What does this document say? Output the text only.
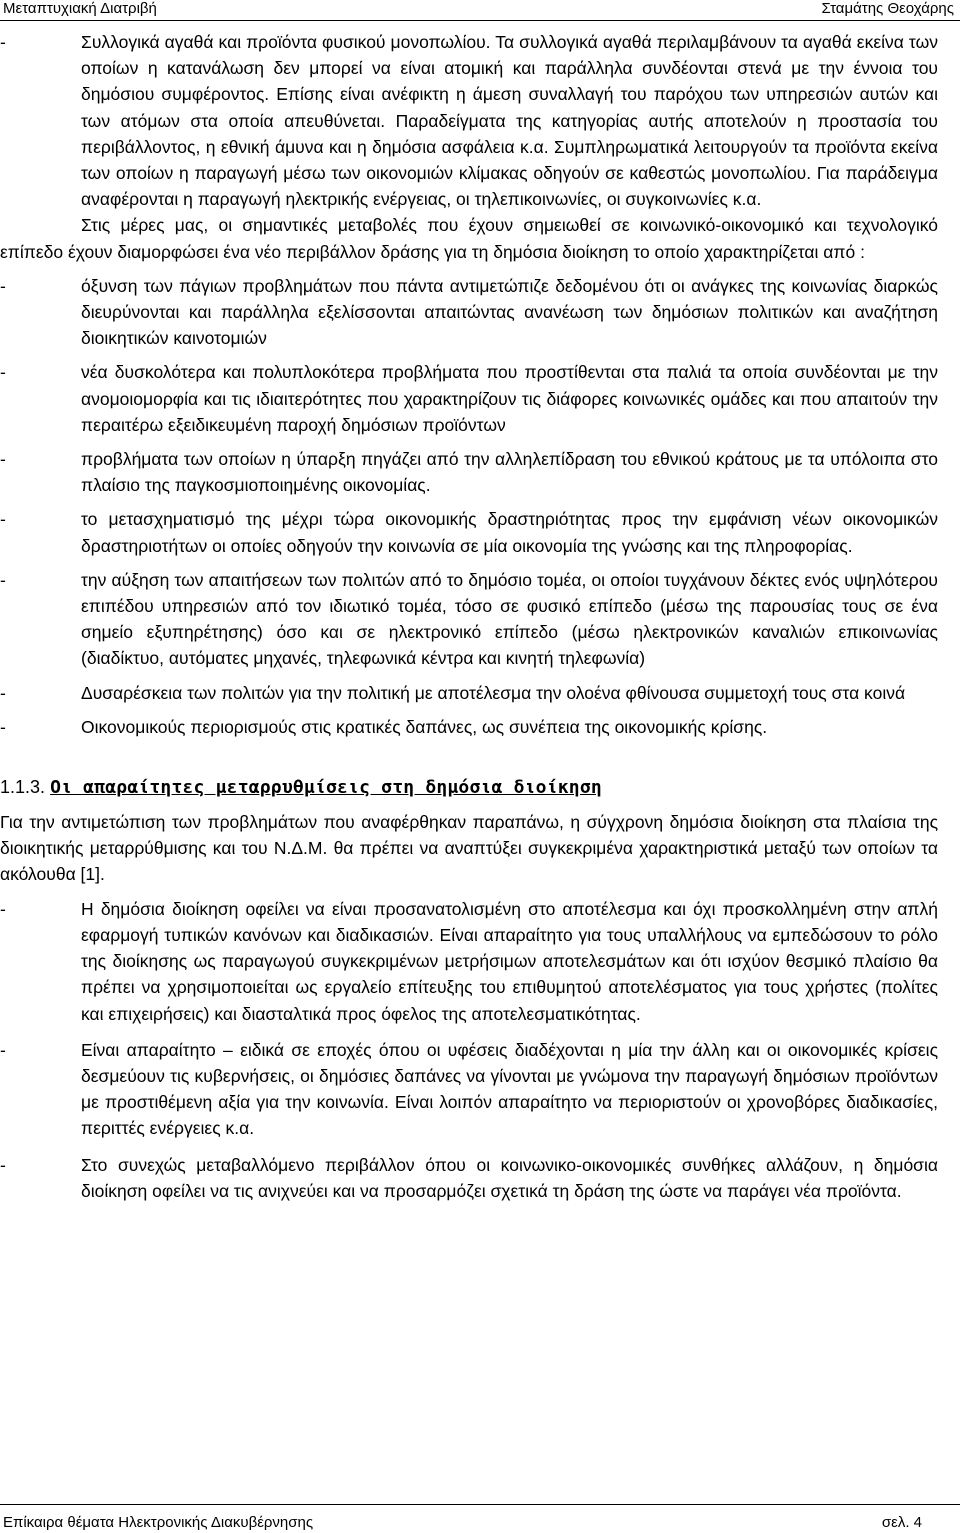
Μεταπτυχιακή Διατριβή	Σταμάτης Θεοχάρης
-	Συλλογικά αγαθά και προϊόντα φυσικού μονοπωλίου. Τα συλλογικά αγαθά περιλαμβάνουν τα αγαθά εκείνα των οποίων η κατανάλωση δεν μπορεί να είναι ατομική και παράλληλα συνδέονται στενά με την έννοια του δημόσιου συμφέροντος. Επίσης είναι ανέφικτη η άμεση συναλλαγή του παρόχου των υπηρεσιών αυτών και των ατόμων στα οποία απευθύνεται. Παραδείγματα της κατηγορίας αυτής αποτελούν η προστασία του περιβάλλοντος, η εθνική άμυνα και η δημόσια ασφάλεια κ.α. Συμπληρωματικά λειτουργούν τα προϊόντα εκείνα των οποίων η παραγωγή μέσω των οικονομιών κλίμακας οδηγούν σε καθεστώς μονοπωλίου. Για παράδειγμα αναφέρονται η παραγωγή ηλεκτρικής ενέργειας, οι τηλεπικοινωνίες, οι συγκοινωνίες κ.α.

Στις μέρες μας, οι σημαντικές μεταβολές που έχουν σημειωθεί σε κοινωνικό-οικονομικό και τεχνολογικό επίπεδο έχουν διαμορφώσει ένα νέο περιβάλλον δράσης για τη δημόσια διοίκηση το οποίο χαρακτηρίζεται από :

-	όξυνση των πάγιων προβλημάτων που πάντα αντιμετώπιζε δεδομένου ότι οι ανάγκες της κοινωνίας διαρκώς διευρύνονται και παράλληλα εξελίσσονται απαιτώντας ανανέωση των δημόσιων πολιτικών και αναζήτηση διοικητικών καινοτομιών

-	νέα δυσκολότερα και πολυπλοκότερα προβλήματα που προστίθενται στα παλιά τα οποία συνδέονται με την ανομοιομορφία και τις ιδιαιτερότητες που χαρακτηρίζουν τις διάφορες κοινωνικές ομάδες και που απαιτούν την περαιτέρω εξειδικευμένη παροχή δημόσιων προϊόντων

-	προβλήματα των οποίων η ύπαρξη πηγάζει από την αλληλεπίδραση του εθνικού κράτους με τα υπόλοιπα στο πλαίσιο της παγκοσμιοποιημένης οικονομίας.

-	το μετασχηματισμό της μέχρι τώρα οικονομικής δραστηριότητας προς την εμφάνιση νέων οικονομικών δραστηριοτήτων οι οποίες οδηγούν την κοινωνία σε μία οικονομία της γνώσης και της πληροφορίας.

-	την αύξηση των απαιτήσεων των πολιτών από το δημόσιο τομέα, οι οποίοι τυγχάνουν δέκτες ενός υψηλότερου επιπέδου υπηρεσιών από τον ιδιωτικό τομέα, τόσο σε φυσικό επίπεδο (μέσω της παρουσίας τους σε ένα σημείο εξυπηρέτησης) όσο και σε ηλεκτρονικό επίπεδο (μέσω ηλεκτρονικών καναλιών επικοινωνίας (διαδίκτυο, αυτόματες μηχανές, τηλεφωνικά κέντρα και κινητή τηλεφωνία)

-	Δυσαρέσκεια των πολιτών για την πολιτική με αποτέλεσμα την ολοένα φθίνουσα συμμετοχή τους στα κοινά

-	Οικονομικούς περιορισμούς στις κρατικές δαπάνες, ως συνέπεια της οικονομικής κρίσης.

1.1.3. Οι απαραίτητες μεταρρυθμίσεις στη δημόσια διοίκηση

Για την αντιμετώπιση των προβλημάτων που αναφέρθηκαν παραπάνω, η σύγχρονη δημόσια διοίκηση στα πλαίσια της διοικητικής μεταρρύθμισης και του Ν.Δ.Μ. θα πρέπει να αναπτύξει συγκεκριμένα χαρακτηριστικά μεταξύ των οποίων τα ακόλουθα [1].

-	Η δημόσια διοίκηση οφείλει να είναι προσανατολισμένη στο αποτέλεσμα και όχι προσκολλημένη στην απλή εφαρμογή τυπικών κανόνων και διαδικασιών. Είναι απαραίτητο για τους υπαλλήλους να εμπεδώσουν το ρόλο της διοίκησης ως παραγωγού συγκεκριμένων μετρήσιμων αποτελεσμάτων και ότι ισχύον θεσμικό πλαίσιο θα πρέπει να χρησιμοποιείται ως εργαλείο επίτευξης του επιθυμητού αποτελέσματος για τους χρήστες (πολίτες και επιχειρήσεις) και διασταλτικά προς όφελος της αποτελεσματικότητας.

-	Είναι απαραίτητο – ειδικά σε εποχές όπου οι υφέσεις διαδέχονται η μία την άλλη και οι οικονομικές κρίσεις δεσμεύουν τις κυβερνήσεις, οι δημόσιες δαπάνες να γίνονται με γνώμονα την παραγωγή δημόσιων προϊόντων με προστιθέμενη αξία για την κοινωνία. Είναι λοιπόν απαραίτητο να περιοριστούν οι χρονοβόρες διαδικασίες, περιττές ενέργειες κ.α.

-	Στο συνεχώς μεταβαλλόμενο περιβάλλον όπου οι κοινωνικο-οικονομικές συνθήκες αλλάζουν, η δημόσια διοίκηση οφείλει να τις ανιχνεύει και να προσαρμόζει σχετικά τη δράση της ώστε να παράγει νέα προϊόντα.

Επίκαιρα θέματα Ηλεκτρονικής Διακυβέρνησης	σελ. 4
